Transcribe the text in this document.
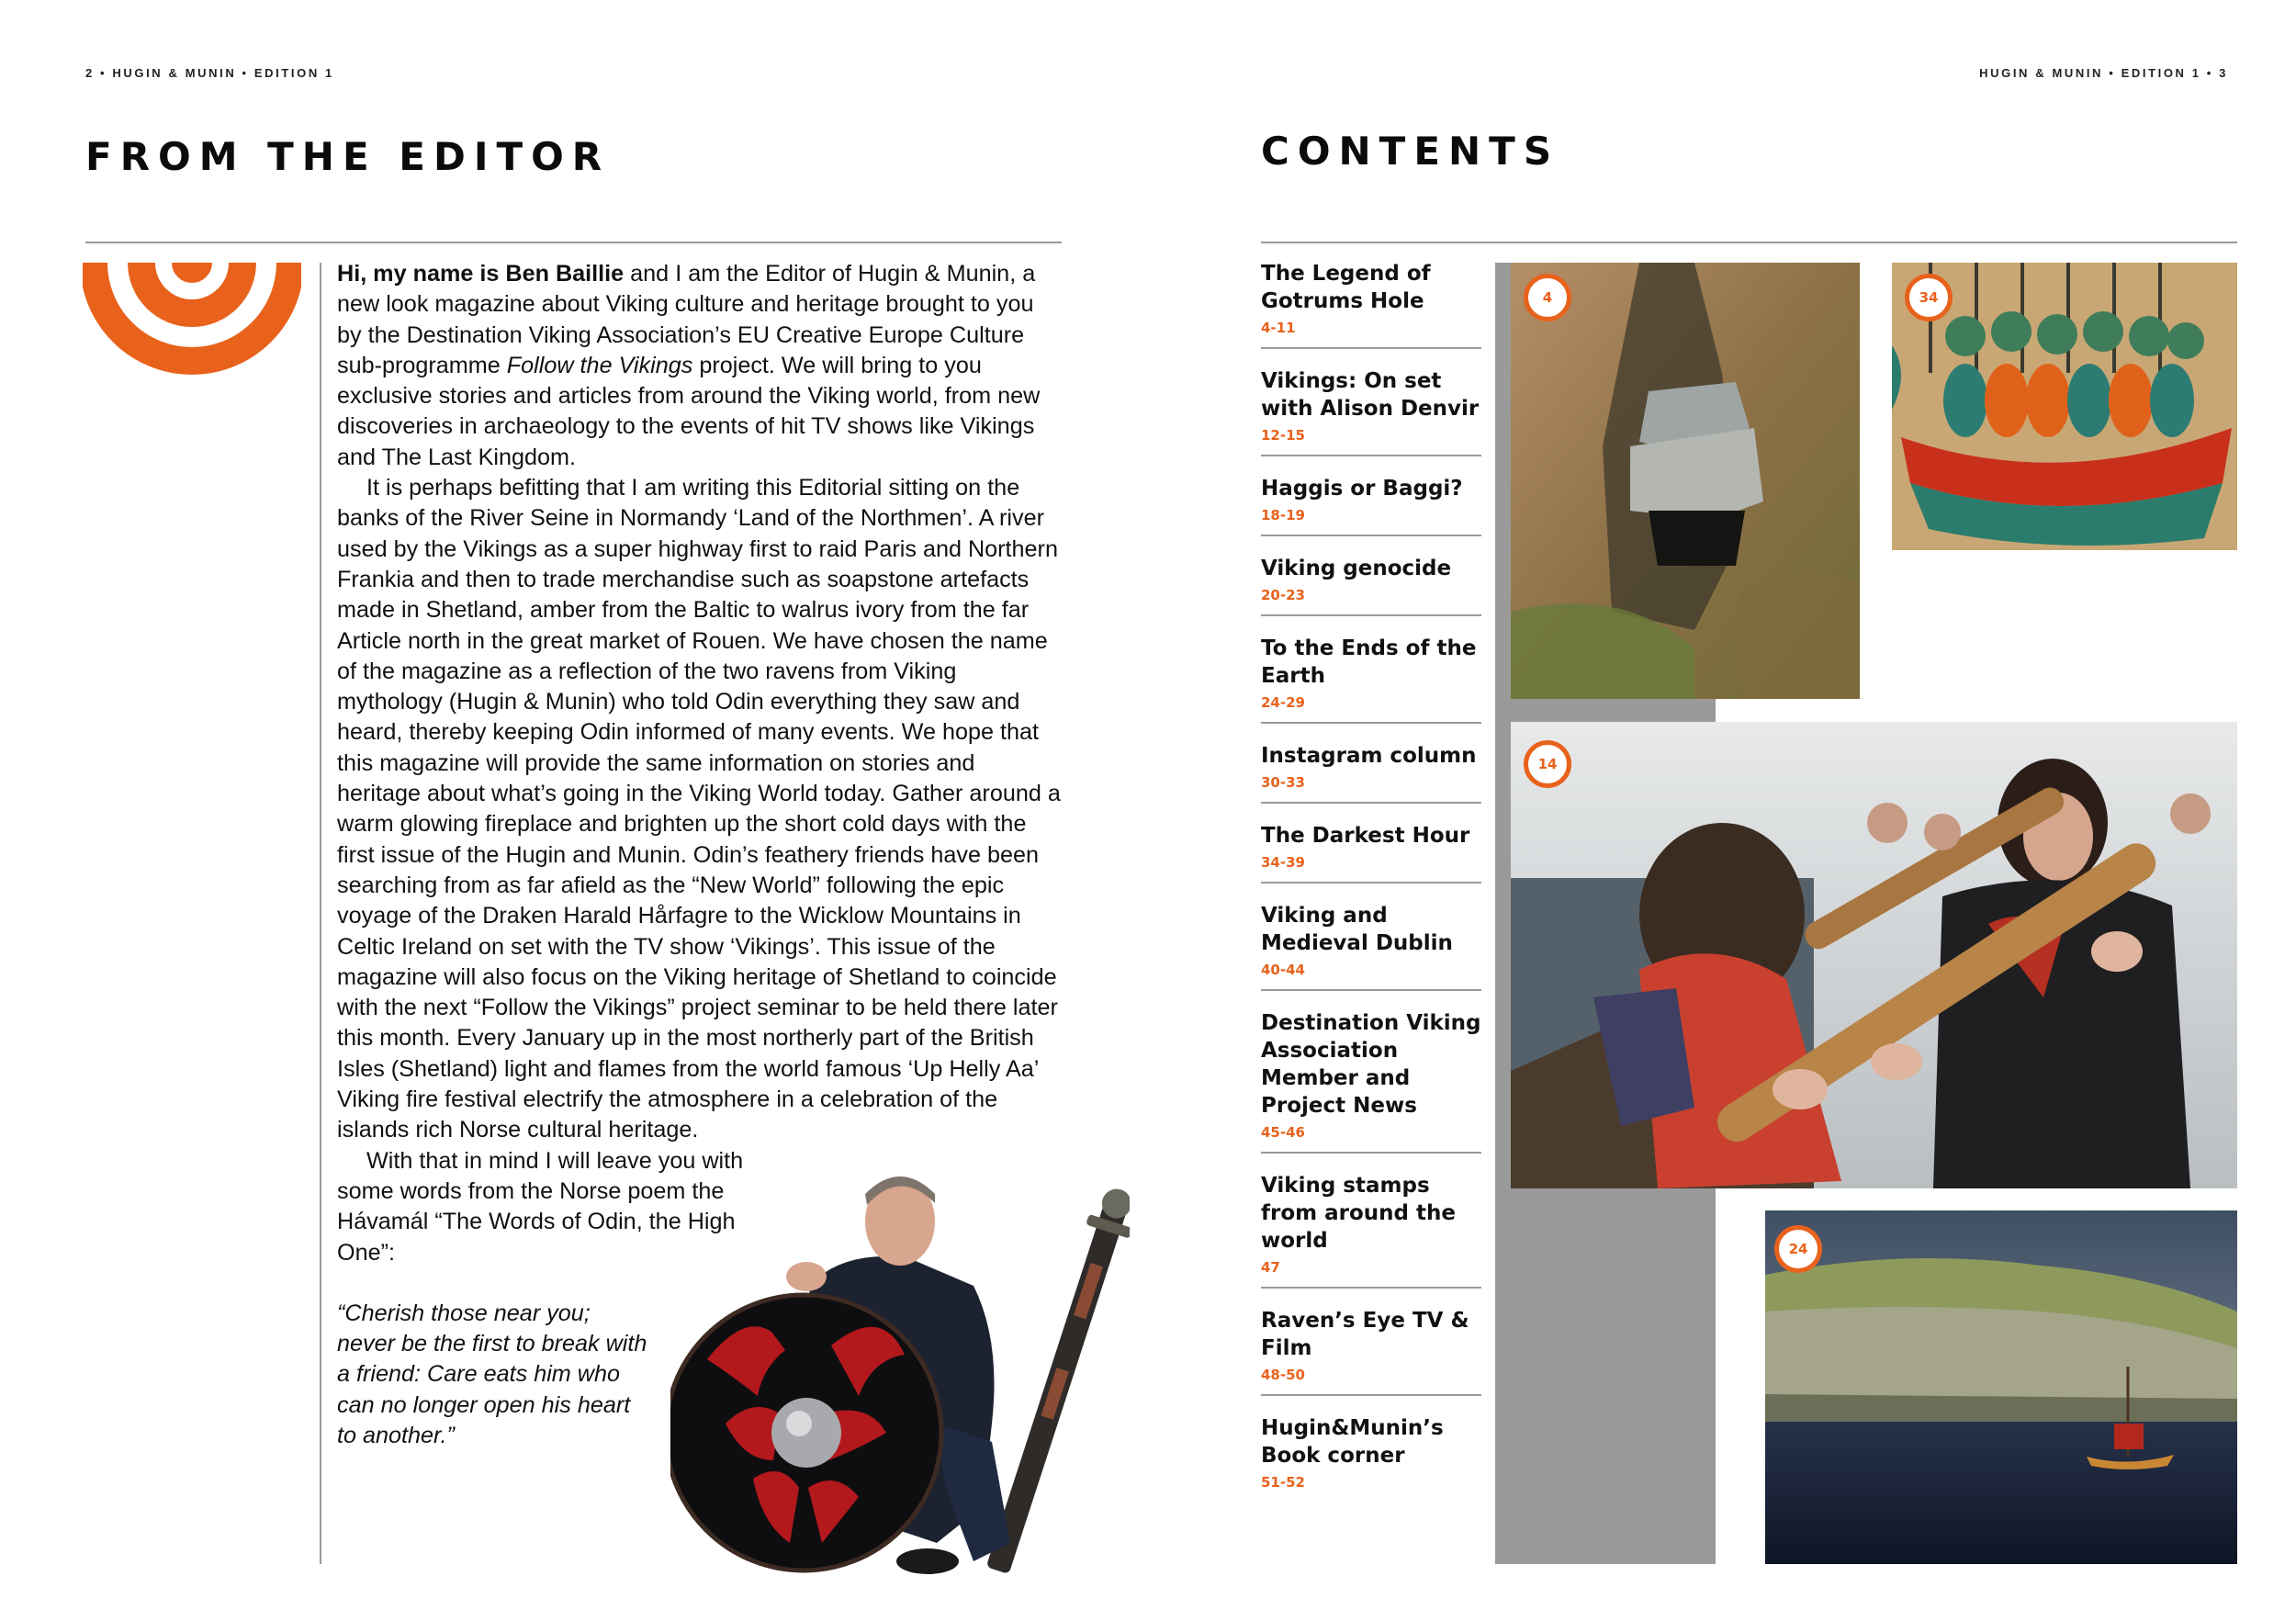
2 • HUGIN & MUNIN • EDITION 1	HUGIN & MUNIN • EDITION 1 • 3
FROM THE EDITOR

Hi, my name is Ben Baillie and I am the Editor of Hugin & Munin, a new look magazine about Viking culture and heritage brought to you by the Destination Viking Association’s EU Creative Europe Culture sub-programme Follow the Vikings project. We will bring to you exclusive stories and articles from around the Viking world, from new discoveries in archaeology to the events of hit TV shows like Vikings and The Last Kingdom.

It is perhaps befitting that I am writing this Editorial sitting on the banks of the River Seine in Normandy ‘Land of the Northmen’. A river used by the Vikings as a super highway first to raid Paris and Northern Frankia and then to trade merchandise such as soapstone artefacts made in Shetland, amber from the Baltic to walrus ivory from the far Article north in the great market of Rouen. We have chosen the name of the magazine as a reflection of the two ravens from Viking mythology (Hugin & Munin) who told Odin everything they saw and heard, thereby keeping Odin informed of many events. We hope that this magazine will provide the same information on stories and heritage about what’s going in the Viking World today. Gather around a warm glowing fireplace and brighten up the short cold days with the first issue of the Hugin and Munin. Odin’s feathery friends have been searching from as far afield as the “New World” following the epic voyage of the Draken Harald Hårfagre to the Wicklow Mountains in Celtic Ireland on set with the TV show ‘Vikings’. This issue of the magazine will also focus on the Viking heritage of Shetland to coincide with the next “Follow the Vikings” project seminar to be held there later this month. Every January up in the most northerly part of the British Isles (Shetland) light and flames from the world famous ‘Up Helly Aa’ Viking fire festival electrify the atmosphere in a celebration of the islands rich Norse cultural heritage.

With that in mind I will leave you with some words from the Norse poem the Hávamál “The Words of Odin, the High One”:

“Cherish those near you; never be the first to break with a friend: Care eats him who can no longer open his heart to another.”

CONTENTS
The Legend of Gotrums Hole
4-11
Vikings: On set with Alison Denvir
12-15
Haggis or Baggi?
18-19
Viking genocide
20-23
To the Ends of the Earth
24-29
Instagram column
30-33
The Darkest Hour
34-39
Viking and Medieval Dublin
40-44
Destination Viking Association Member and Project News
45-46
Viking stamps from around the world
47
Raven’s Eye TV & Film
48-50
Hugin&Munin’s Book corner
51-52
4	34
14
24
